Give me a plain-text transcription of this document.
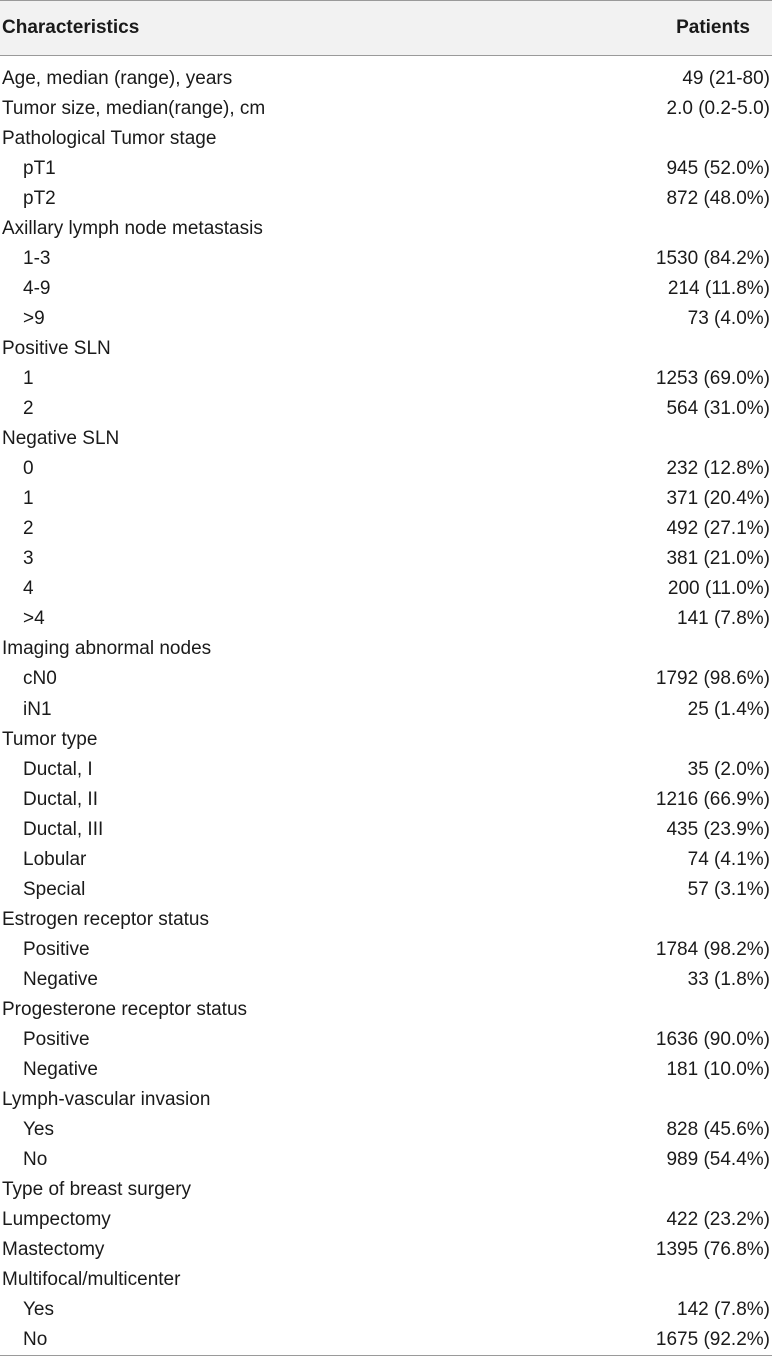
Characteristics	Patients
Age, median (range), years	49 (21-80)
Tumor size, median(range), cm	2.0 (0.2-5.0)
Pathological Tumor stage
pT1	945 (52.0%)
pT2	872 (48.0%)
Axillary lymph node metastasis
1-3	1530 (84.2%)
4-9	214 (11.8%)
>9	73 (4.0%)
Positive SLN
1	1253 (69.0%)
2	564 (31.0%)
Negative SLN
0	232 (12.8%)
1	371 (20.4%)
2	492 (27.1%)
3	381 (21.0%)
4	200 (11.0%)
>4	141 (7.8%)
Imaging abnormal nodes
cN0	1792 (98.6%)
iN1	25 (1.4%)
Tumor type
Ductal, I	35 (2.0%)
Ductal, II	1216 (66.9%)
Ductal, III	435 (23.9%)
Lobular	74 (4.1%)
Special	57 (3.1%)
Estrogen receptor status
Positive	1784 (98.2%)
Negative	33 (1.8%)
Progesterone receptor status
Positive	1636 (90.0%)
Negative	181 (10.0%)
Lymph-vascular invasion
Yes	828 (45.6%)
No	989 (54.4%)
Type of breast surgery
Lumpectomy	422 (23.2%)
Mastectomy	1395 (76.8%)
Multifocal/multicenter
Yes	142 (7.8%)
No	1675 (92.2%)
